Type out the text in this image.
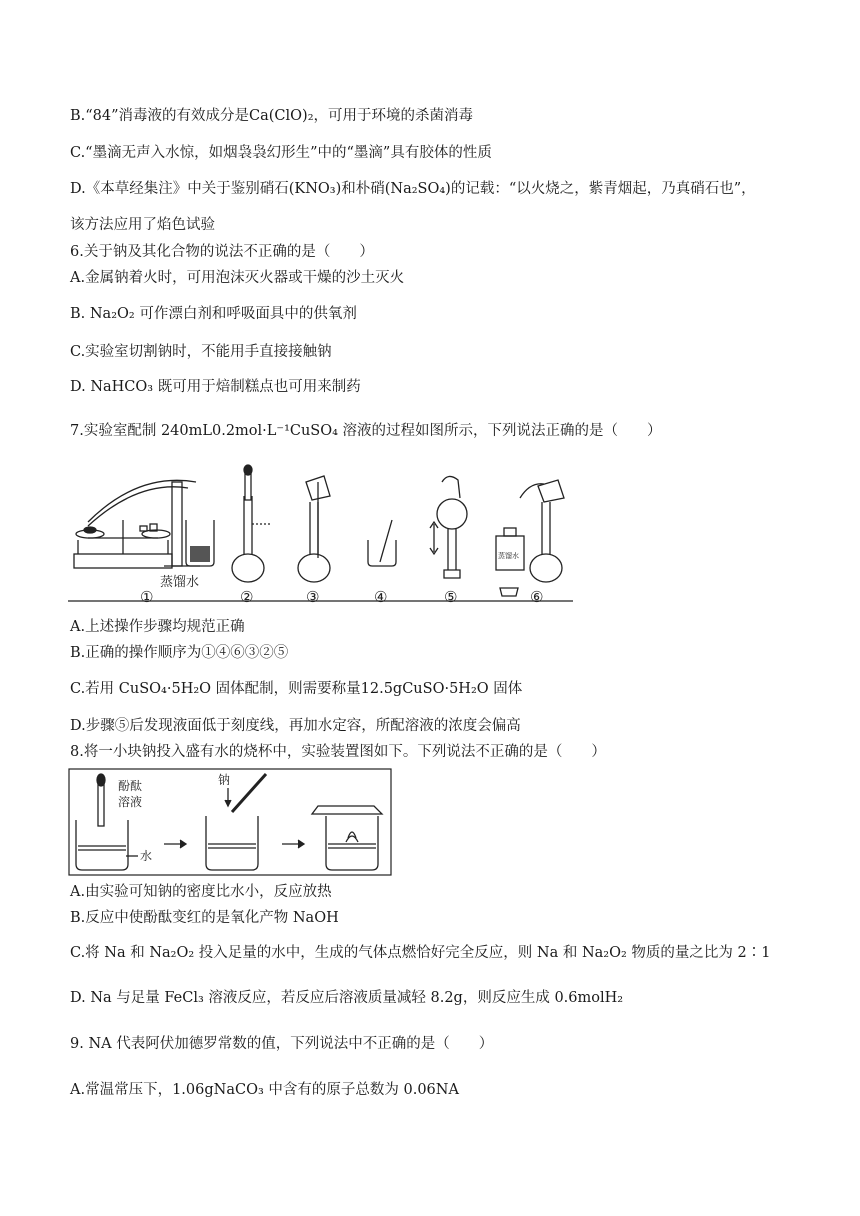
B.“84”消毒液的有效成分是Ca(ClO)₂，可用于环境的杀菌消毒
C.“墨滴无声入水惊，如烟袅袅幻形生”中的“墨滴”具有胶体的性质
D.《本草经集注》中关于鉴别硝石(KNO₃)和朴硝(Na₂SO₄)的记载：“以火烧之，紫青烟起，乃真硝石也”，
该方法应用了焰色试验
6.关于钠及其化合物的说法不正确的是（　　）
A.金属钠着火时，可用泡沫灭火器或干燥的沙土灭火
B. Na₂O₂ 可作漂白剂和呼吸面具中的供氧剂
C.实验室切割钠时，不能用手直接接触钠
D. NaHCO₃ 既可用于焙制糕点也可用来制药
7.实验室配制 240mL0.2mol·L⁻¹CuSO₄ 溶液的过程如图所示，下列说法正确的是（　　）
蒸馏水
蒸馏水
①	②	③	④	⑤	⑥
A.上述操作步骤均规范正确
B.正确的操作顺序为①④⑥③②⑤
C.若用 CuSO₄·5H₂O 固体配制，则需要称量12.5gCuSO·5H₂O 固体
D.步骤⑤后发现液面低于刻度线，再加水定容，所配溶液的浓度会偏高
8.将一小块钠投入盛有水的烧杯中，实验装置图如下。下列说法不正确的是（　　）
酚酞
溶液
水
钠
A.由实验可知钠的密度比水小，反应放热
B.反应中使酚酞变红的是氧化产物 NaOH
C.将 Na 和 Na₂O₂ 投入足量的水中，生成的气体点燃恰好完全反应，则 Na 和 Na₂O₂ 物质的量之比为 2∶1
D. Na 与足量 FeCl₃ 溶液反应，若反应后溶液质量减轻 8.2g，则反应生成 0.6molH₂
9. NA 代表阿伏加德罗常数的值，下列说法中不正确的是（　　）
A.常温常压下，1.06gNaCO₃ 中含有的原子总数为 0.06NA
